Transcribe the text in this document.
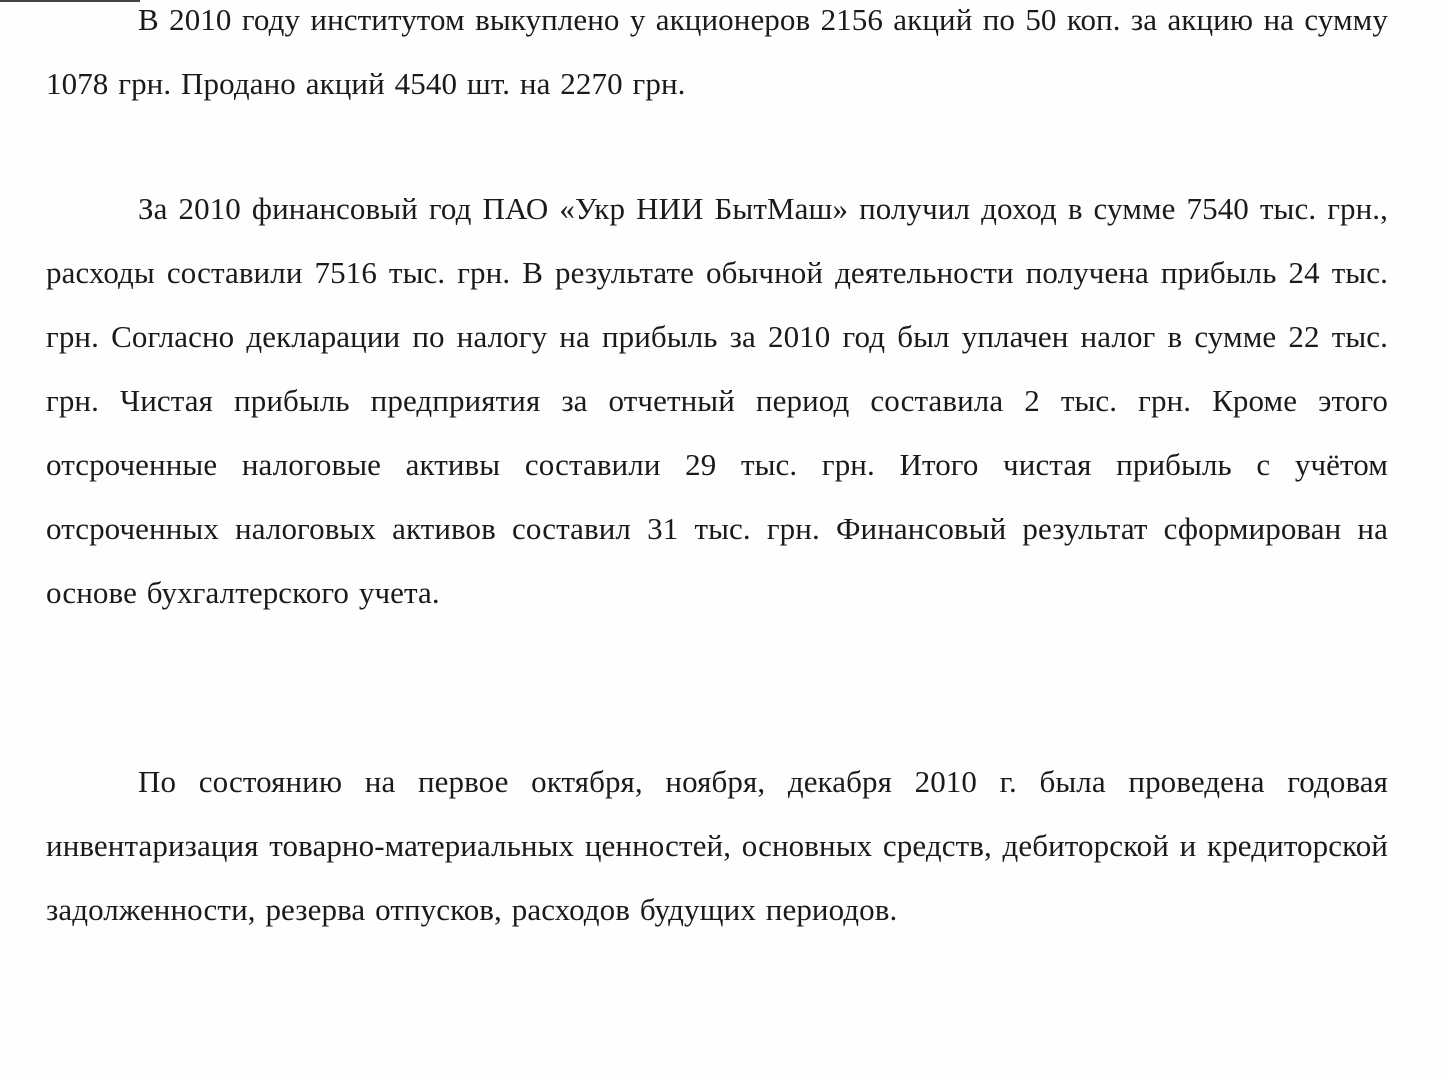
В 2010 году институтом выкуплено у акционеров 2156 акций по 50 коп. за акцию на сумму 1078 грн. Продано акций 4540 шт. на 2270 грн.

За 2010 финансовый год ПАО «Укр НИИ БытМаш» получил доход в сумме 7540 тыс. грн., расходы составили 7516 тыс. грн. В результате обычной деятельности получена прибыль 24 тыс. грн. Согласно декларации по налогу на прибыль за 2010 год был уплачен налог в сумме 22 тыс. грн. Чистая прибыль предприятия за отчетный период составила 2 тыс. грн. Кроме этого отсроченные налоговые активы составили 29 тыс. грн. Итого чистая прибыль с учётом отсроченных налоговых активов составил 31 тыс. грн. Финансовый результат сформирован на основе бухгалтерского учета.

По состоянию на первое октября, ноября, декабря 2010 г. была проведена годовая инвентаризация товарно-материальных ценностей, основных средств, дебиторской и кредиторской задолженности, резерва отпусков, расходов будущих периодов.
